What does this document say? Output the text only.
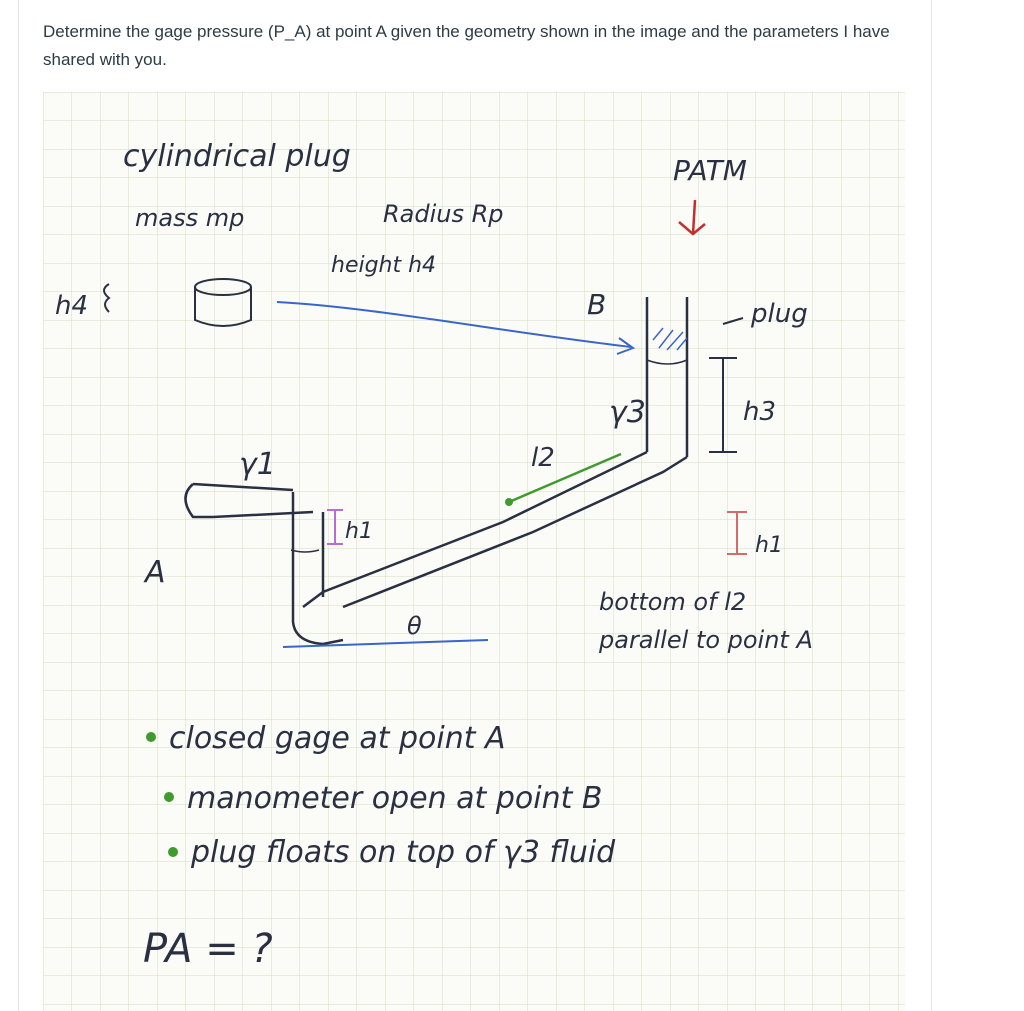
Determine the gage pressure (P_A) at point A given the geometry shown in the image and the parameters I have shared with you.
cylindrical plug
mass mp	Radius Rp
height h4
PATM
h4	B	plug
γ3	h3
γ1	l2
h1
h1
A
θ
bottom of l2
parallel to point A
closed gage at point A
manometer open at point B
plug floats on top of γ3 fluid
PA = ?
